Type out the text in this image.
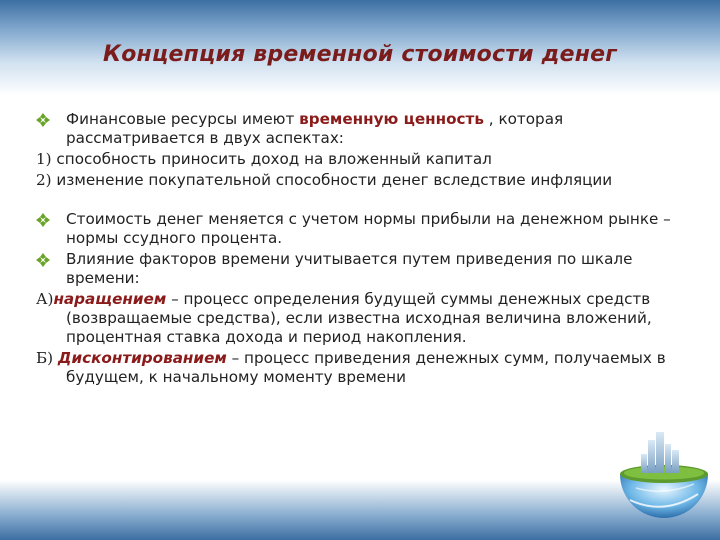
Концепция временной стоимости денег

Финансовые ресурсы имеют временную ценность , которая рассматривается в двух аспектах:

1) способность приносить доход на вложенный капитал

2) изменение покупательной способности денег вследствие инфляции

Стоимость денег меняется с учетом нормы прибыли на денежном рынке – нормы ссудного процента.

Влияние факторов времени учитывается путем приведения по шкале времени:

А)наращением – процесс определения будущей суммы денежных средств (возвращаемые средства), если известна исходная величина вложений, процентная ставка дохода и период накопления.

Б) Дисконтированием – процесс приведения денежных сумм, получаемых в будущем, к начальному моменту времени
